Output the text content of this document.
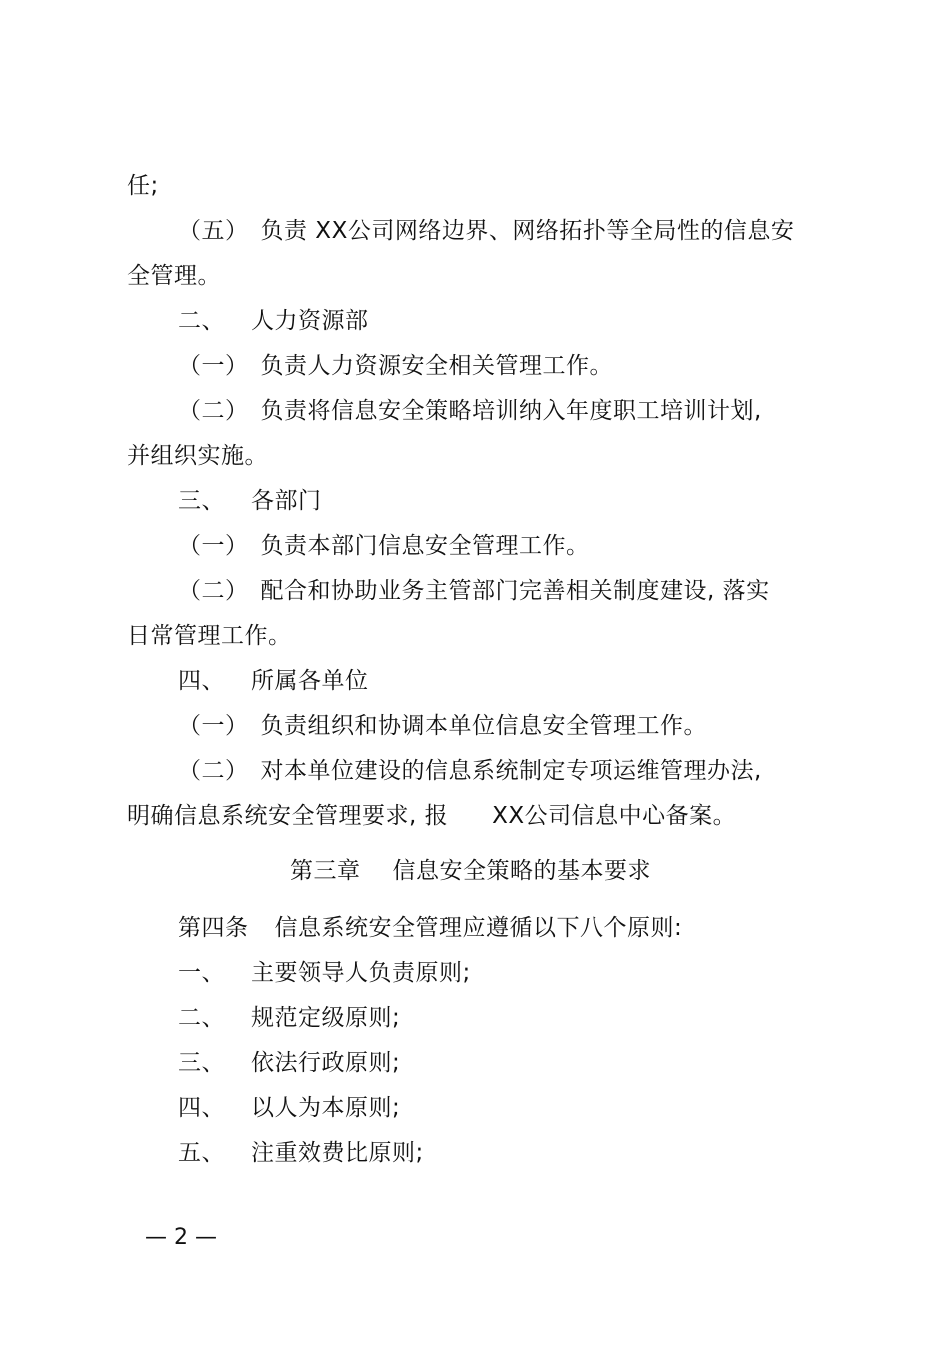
任;
（五） 负责 XX公司网络边界、网络拓扑等全局性的信息安
全管理。
二、 人力资源部
（一） 负责人力资源安全相关管理工作。
（二） 负责将信息安全策略培训纳入年度职工培训计划,
并组织实施。
三、 各部门
（一） 负责本部门信息安全管理工作。
（二） 配合和协助业务主管部门完善相关制度建设, 落实
日常管理工作。
四、 所属各单位
（一） 负责组织和协调本单位信息安全管理工作。
（二） 对本单位建设的信息系统制定专项运维管理办法,
明确信息系统安全管理要求, 报 XX公司信息中心备案。
第三章 信息安全策略的基本要求
第四条 信息系统安全管理应遵循以下八个原则:
一、 主要领导人负责原则;
二、 规范定级原则;
三、 依法行政原则;
四、 以人为本原则;
五、 注重效费比原则;
— 2 —
